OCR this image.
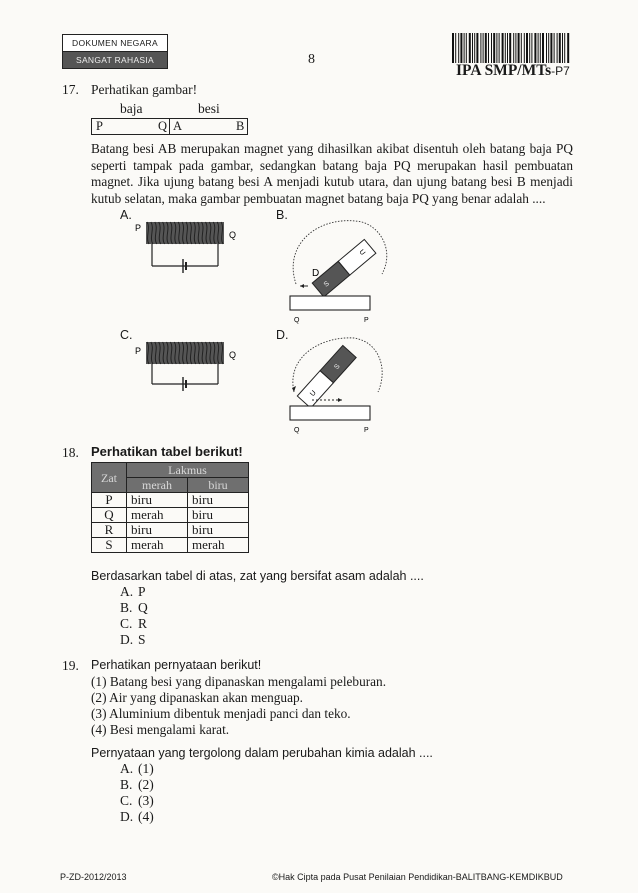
DOKUMEN NEGARA
SANGAT RAHASIA	8
IPA SMP/MTs-P7
17. Perhatikan gambar!
baja	besi
P	Q A	B
Batang besi AB merupakan magnet yang dihasilkan akibat disentuh oleh batang baja PQ seperti tampak pada gambar, sedangkan batang baja PQ merupakan hasil pembuatan magnet. Jika ujung batang besi A menjadi kutub utara, dan ujung batang besi B menjadi kutub selatan, maka gambar pembuatan magnet batang baja PQ yang benar adalah ....
A.
P
Q
B.
U
S
D
Q	P
C.
P	Q
D.
U
S
Q	P
18. Perhatikan tabel berikut!
Zat	Lakmus	
	merah	biru
P	biru	biru
Q	merah	biru
R	biru	biru
S	merah	merah
Berdasarkan tabel di atas, zat yang bersifat asam adalah ....
A. P
B. Q
C. R
D. S
19. Perhatikan pernyataan berikut!
(1) Batang besi yang dipanaskan mengalami peleburan.
(2) Air yang dipanaskan akan menguap.
(3) Aluminium dibentuk menjadi panci dan teko.
(4) Besi mengalami karat.
Pernyataan yang tergolong dalam perubahan kimia adalah ....
A. (1)
B. (2)
C. (3)
D. (4)
P-ZD-2012/2013	©Hak Cipta pada Pusat Penilaian Pendidikan-BALITBANG-KEMDIKBUD
